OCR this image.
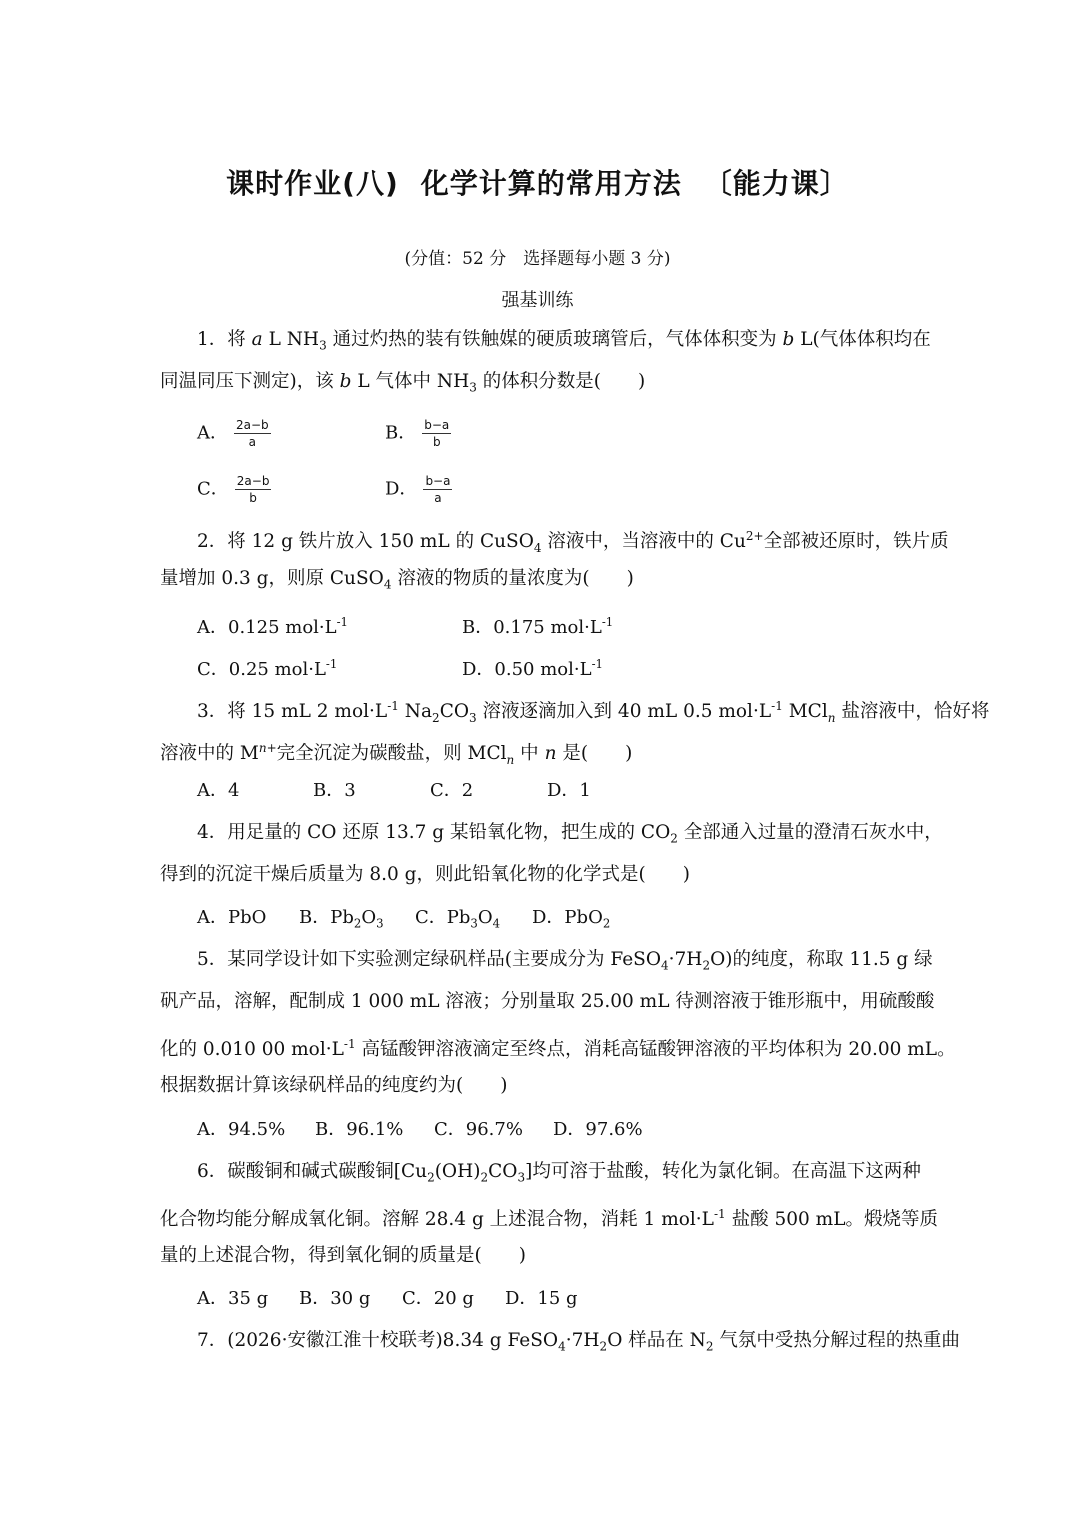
课时作业(八) 化学计算的常用方法 〔能力课〕
(分值：52 分　选择题每小题 3 分)
强基训练
1．将 a L $NH_3$ 通过灼热的装有铁触媒的硬质玻璃管后，气体体积变为 b L(气体体积均在
同温同压下测定)，该 b L 气体中 $NH_3$ 的体积分数是(　　)
A． $\frac{2a-b}{a}$	B． $\frac{b-a}{b}$
C． $\frac{2a-b}{b}$	D． $\frac{b-a}{a}$
2．将 12 g 铁片放入 150 mL 的 CuSO$_4$ 溶液中，当溶液中的 $Cu^{2+}$全部被还原时，铁片质
量增加 0.3 g，则原 CuSO$_4$ 溶液的物质的量浓度为(　　)
A．0.125 $mol\cdot L^{-1}$	B．0.175 $mol\cdot L^{-1}$
C．0.25 $mol\cdot L^{-1}$	D．0.50 $mol\cdot L^{-1}$
3．将 15 mL 2 $mol\cdot L^{-1}$ $Na_2CO_3$ 溶液逐滴加入到 40 mL 0.5 $mol\cdot L^{-1}$ MCl$_n$ 盐溶液中，恰好将
溶液中的 $M^{n+}$完全沉淀为碳酸盐，则 MCl$_n$ 中 n 是(　　)
A．4	B．3	C．2	D．1
4．用足量的 CO 还原 13.7 g 某铅氧化物，把生成的 $CO_2$ 全部通入过量的澄清石灰水中，
得到的沉淀干燥后质量为 8.0 g，则此铅氧化物的化学式是(　　)
A．PbO B．$Pb_2O_3$ C．$Pb_3O_4$ D．PbO$_2$
5．某同学设计如下实验测定绿矾样品(主要成分为 $FeSO_4\cdot 7H_2O$)的纯度，称取 11.5 g 绿
矾产品，溶解，配制成 1 000 mL 溶液；分别量取 25.00 mL 待测溶液于锥形瓶中，用硫酸酸
化的 0.010 00 $mol\cdot L^{-1}$ 高锰酸钾溶液滴定至终点，消耗高锰酸钾溶液的平均体积为 20.00 mL。
根据数据计算该绿矾样品的纯度约为(　　)
A．94.5% B．96.1% C．96.7% D．97.6%
6．碳酸铜和碱式碳酸铜$[Cu_2(OH)_2CO_3]$均可溶于盐酸，转化为氯化铜。在高温下这两种
化合物均能分解成氧化铜。溶解 28.4 g 上述混合物，消耗 1 $mol\cdot L^{-1}$ 盐酸 500 mL。煅烧等质
量的上述混合物，得到氧化铜的质量是(　　)
A．35 g B．30 g C．20 g D．15 g
7．(2026·安徽江淮十校联考)8.34 g $FeSO_4\cdot 7H_2O$ 样品在 $N_2$ 气氛中受热分解过程的热重曲
